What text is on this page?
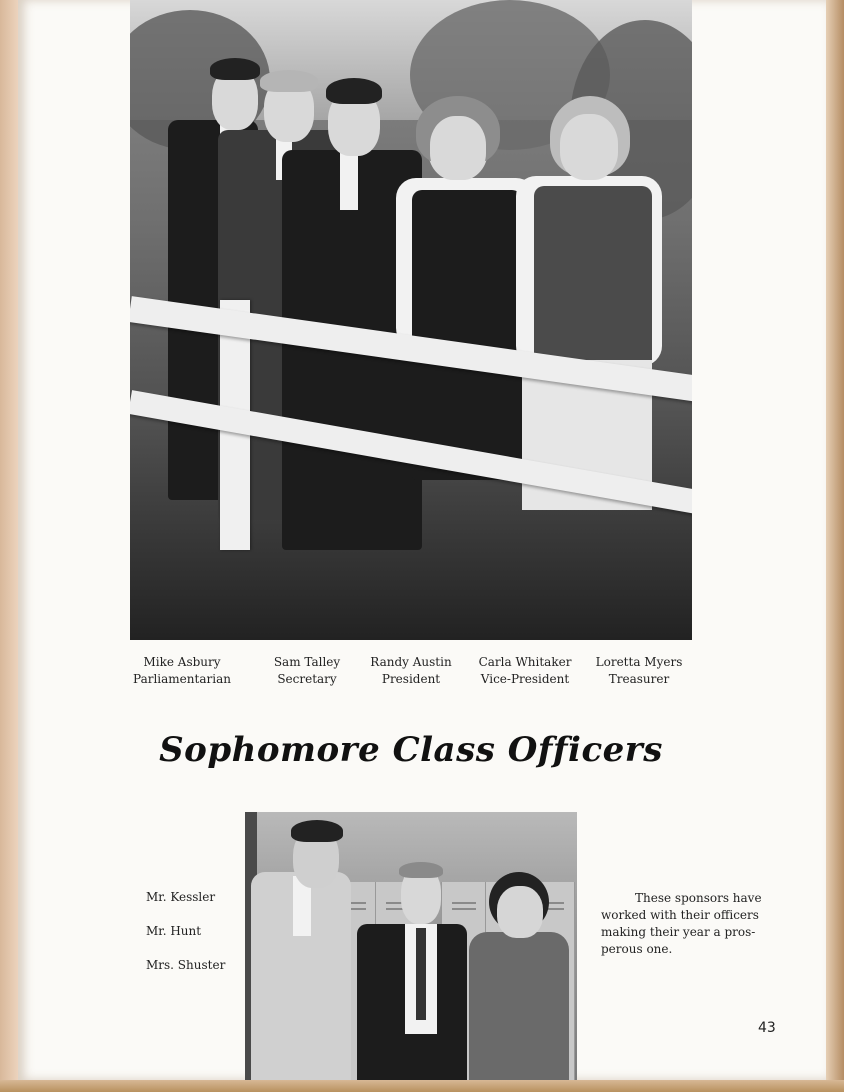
Mike Asbury
Parliamentarian
Sam Talley
Secretary
Randy Austin
President
Carla Whitaker
Vice-President
Loretta Myers
Treasurer
Sophomore Class Officers
Mr. Kessler
Mr. Hunt
Mrs. Shuster
These sponsors have
worked with their officers
making their year a pros-
perous one.
43
